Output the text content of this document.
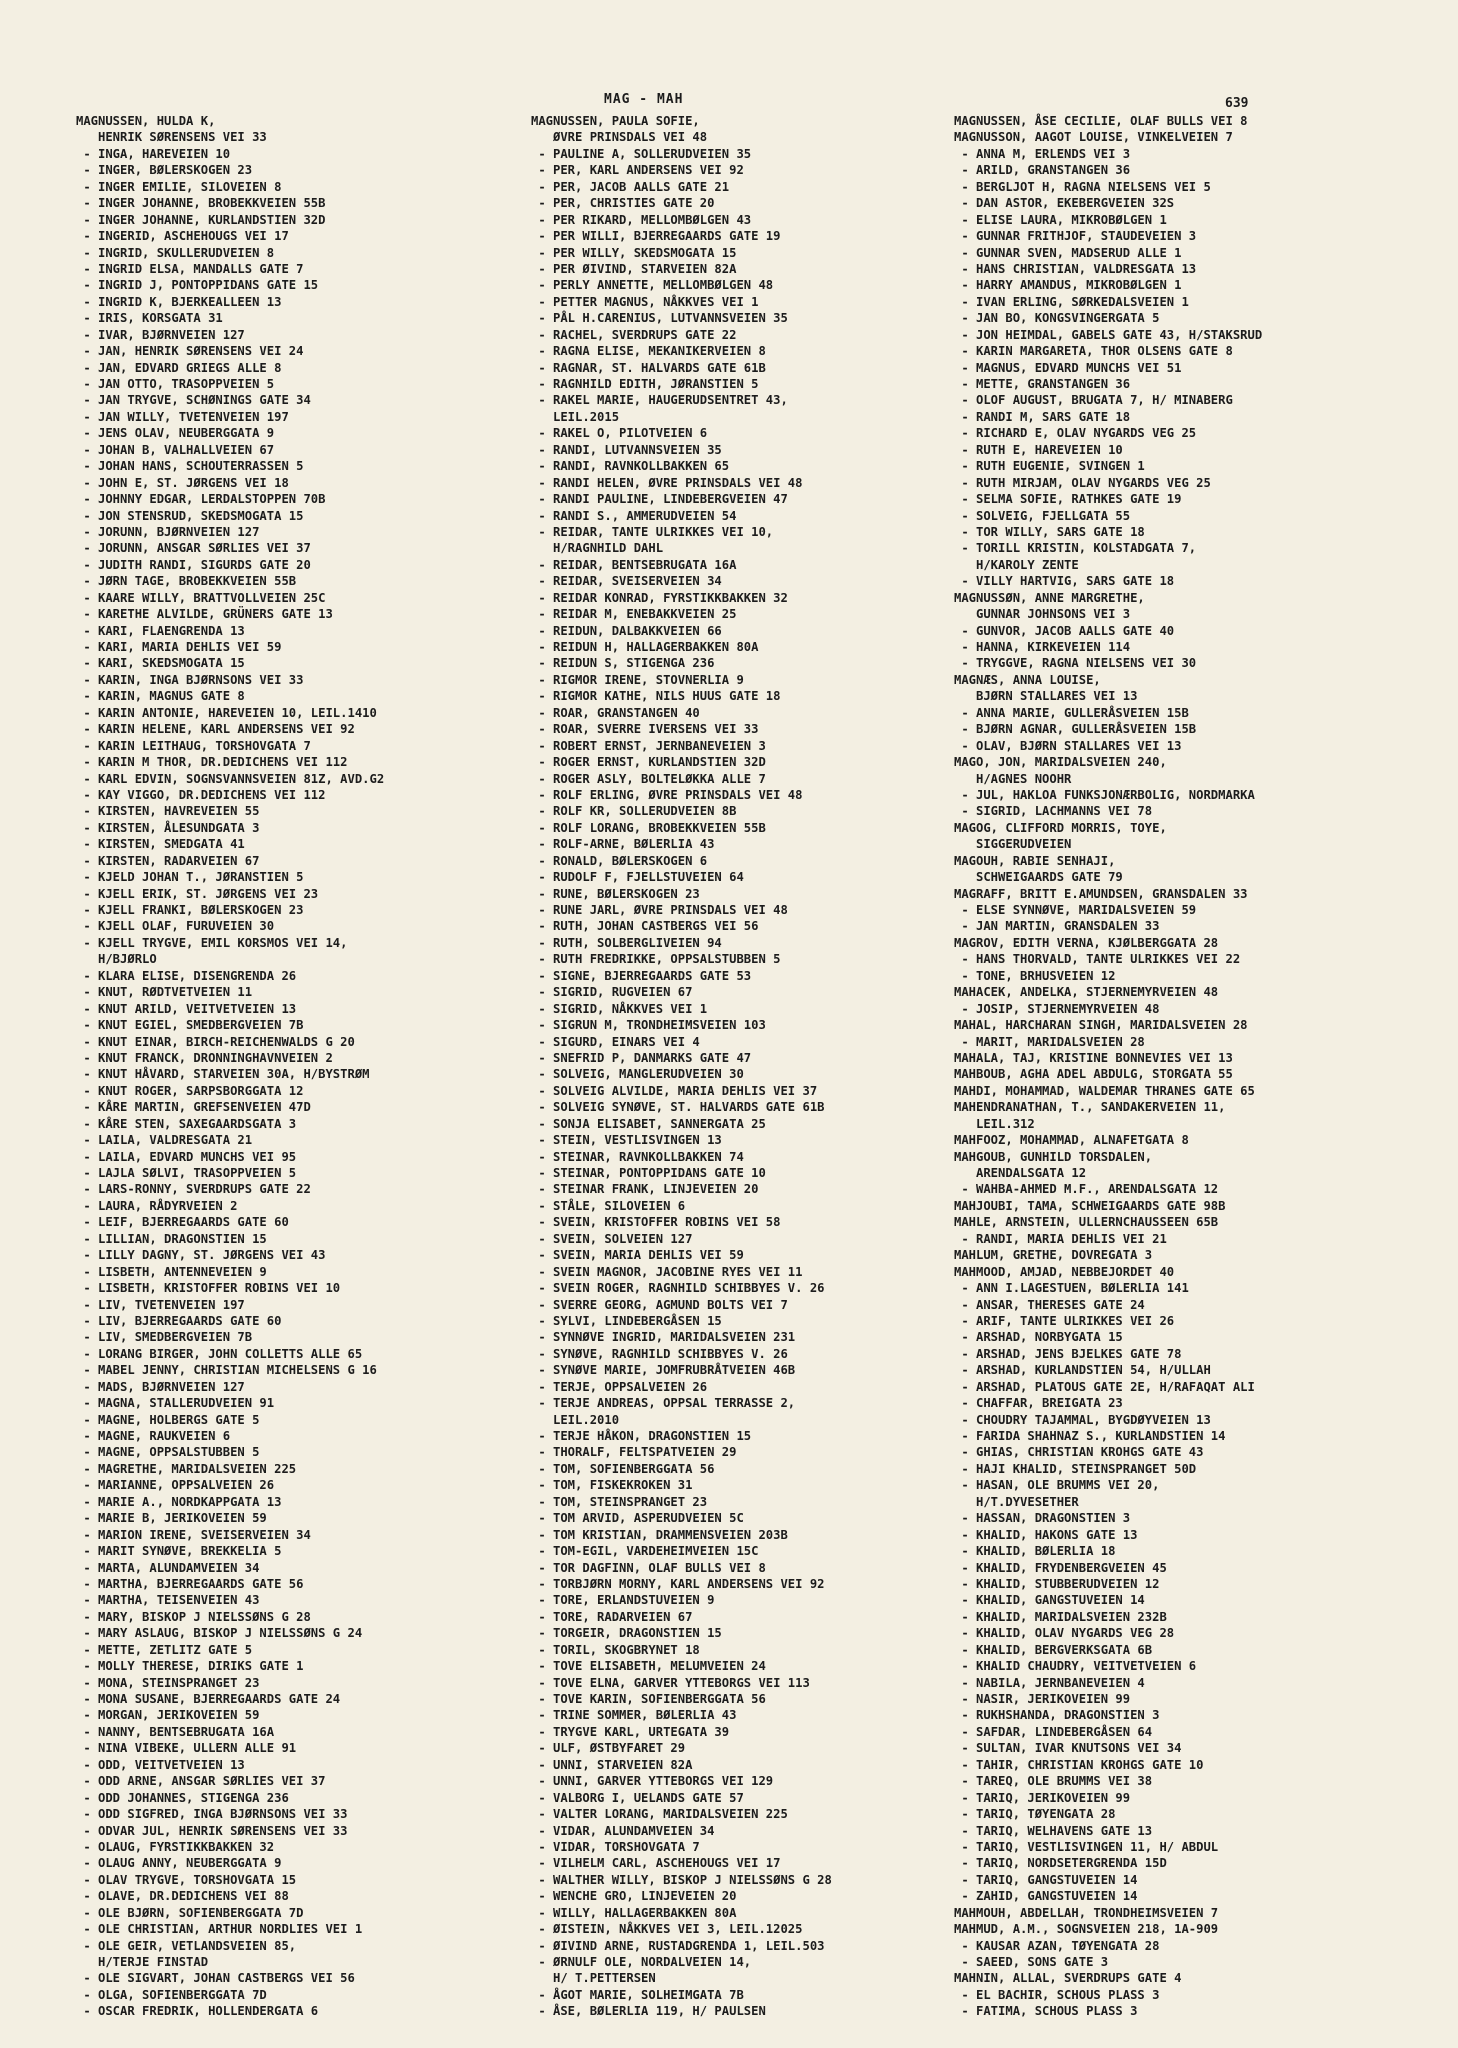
MAG - MAH	639
MAGNUSSEN, HULDA K,
HENRIK SØRENSENS VEI 33
- INGA, HAREVEIEN 10
- INGER, BØLERSKOGEN 23
- INGER EMILIE, SILOVEIEN 8
- INGER JOHANNE, BROBEKKVEIEN 55B
- INGER JOHANNE, KURLANDSTIEN 32D
- INGERID, ASCHEHOUGS VEI 17
- INGRID, SKULLERUDVEIEN 8
- INGRID ELSA, MANDALLS GATE 7
- INGRID J, PONTOPPIDANS GATE 15
- INGRID K, BJERKEALLEEN 13
- IRIS, KORSGATA 31
- IVAR, BJØRNVEIEN 127
- JAN, HENRIK SØRENSENS VEI 24
- JAN, EDVARD GRIEGS ALLE 8
- JAN OTTO, TRASOPPVEIEN 5
- JAN TRYGVE, SCHØNINGS GATE 34
- JAN WILLY, TVETENVEIEN 197
- JENS OLAV, NEUBERGGATA 9
- JOHAN B, VALHALLVEIEN 67
- JOHAN HANS, SCHOUTERRASSEN 5
- JOHN E, ST. JØRGENS VEI 18
- JOHNNY EDGAR, LERDALSTOPPEN 70B
- JON STENSRUD, SKEDSMOGATA 15
- JORUNN, BJØRNVEIEN 127
- JORUNN, ANSGAR SØRLIES VEI 37
- JUDITH RANDI, SIGURDS GATE 20
- JØRN TAGE, BROBEKKVEIEN 55B
- KAARE WILLY, BRATTVOLLVEIEN 25C
- KARETHE ALVILDE, GRÜNERS GATE 13
- KARI, FLAENGRENDA 13
- KARI, MARIA DEHLIS VEI 59
- KARI, SKEDSMOGATA 15
- KARIN, INGA BJØRNSONS VEI 33
- KARIN, MAGNUS GATE 8
- KARIN ANTONIE, HAREVEIEN 10, LEIL.1410
- KARIN HELENE, KARL ANDERSENS VEI 92
- KARIN LEITHAUG, TORSHOVGATA 7
- KARIN M THOR, DR.DEDICHENS VEI 112
- KARL EDVIN, SOGNSVANNSVEIEN 81Z, AVD.G2
- KAY VIGGO, DR.DEDICHENS VEI 112
- KIRSTEN, HAVREVEIEN 55
- KIRSTEN, ÅLESUNDGATA 3
- KIRSTEN, SMEDGATA 41
- KIRSTEN, RADARVEIEN 67
- KJELD JOHAN T., JØRANSTIEN 5
- KJELL ERIK, ST. JØRGENS VEI 23
- KJELL FRANKI, BØLERSKOGEN 23
- KJELL OLAF, FURUVEIEN 30
- KJELL TRYGVE, EMIL KORSMOS VEI 14,
H/BJØRLO
- KLARA ELISE, DISENGRENDA 26
- KNUT, RØDTVETVEIEN 11
- KNUT ARILD, VEITVETVEIEN 13
- KNUT EGIEL, SMEDBERGVEIEN 7B
- KNUT EINAR, BIRCH-REICHENWALDS G 20
- KNUT FRANCK, DRONNINGHAVNVEIEN 2
- KNUT HÅVARD, STARVEIEN 30A, H/BYSTRØM
- KNUT ROGER, SARPSBORGGATA 12
- KÅRE MARTIN, GREFSENVEIEN 47D
- KÅRE STEN, SAXEGAARDSGATA 3
- LAILA, VALDRESGATA 21
- LAILA, EDVARD MUNCHS VEI 95
- LAJLA SØLVI, TRASOPPVEIEN 5
- LARS-RONNY, SVERDRUPS GATE 22
- LAURA, RÅDYRVEIEN 2
- LEIF, BJERREGAARDS GATE 60
- LILLIAN, DRAGONSTIEN 15
- LILLY DAGNY, ST. JØRGENS VEI 43
- LISBETH, ANTENNEVEIEN 9
- LISBETH, KRISTOFFER ROBINS VEI 10
- LIV, TVETENVEIEN 197
- LIV, BJERREGAARDS GATE 60
- LIV, SMEDBERGVEIEN 7B
- LORANG BIRGER, JOHN COLLETTS ALLE 65
- MABEL JENNY, CHRISTIAN MICHELSENS G 16
- MADS, BJØRNVEIEN 127
- MAGNA, STALLERUDVEIEN 91
- MAGNE, HOLBERGS GATE 5
- MAGNE, RAUKVEIEN 6
- MAGNE, OPPSALSTUBBEN 5
- MAGRETHE, MARIDALSVEIEN 225
- MARIANNE, OPPSALVEIEN 26
- MARIE A., NORDKAPPGATA 13
- MARIE B, JERIKOVEIEN 59
- MARION IRENE, SVEISERVEIEN 34
- MARIT SYNØVE, BREKKELIA 5
- MARTA, ALUNDAMVEIEN 34
- MARTHA, BJERREGAARDS GATE 56
- MARTHA, TEISENVEIEN 43
- MARY, BISKOP J NIELSSØNS G 28
- MARY ASLAUG, BISKOP J NIELSSØNS G 24
- METTE, ZETLITZ GATE 5
- MOLLY THERESE, DIRIKS GATE 1
- MONA, STEINSPRANGET 23
- MONA SUSANE, BJERREGAARDS GATE 24
- MORGAN, JERIKOVEIEN 59
- NANNY, BENTSEBRUGATA 16A
- NINA VIBEKE, ULLERN ALLE 91
- ODD, VEITVETVEIEN 13
- ODD ARNE, ANSGAR SØRLIES VEI 37
- ODD JOHANNES, STIGENGA 236
- ODD SIGFRED, INGA BJØRNSONS VEI 33
- ODVAR JUL, HENRIK SØRENSENS VEI 33
- OLAUG, FYRSTIKKBAKKEN 32
- OLAUG ANNY, NEUBERGGATA 9
- OLAV TRYGVE, TORSHOVGATA 15
- OLAVE, DR.DEDICHENS VEI 88
- OLE BJØRN, SOFIENBERGGATA 7D
- OLE CHRISTIAN, ARTHUR NORDLIES VEI 1
- OLE GEIR, VETLANDSVEIEN 85,
H/TERJE FINSTAD
- OLE SIGVART, JOHAN CASTBERGS VEI 56
- OLGA, SOFIENBERGGATA 7D
- OSCAR FREDRIK, HOLLENDERGATA 6
MAGNUSSEN, PAULA SOFIE,
ØVRE PRINSDALS VEI 48
- PAULINE A, SOLLERUDVEIEN 35
- PER, KARL ANDERSENS VEI 92
- PER, JACOB AALLS GATE 21
- PER, CHRISTIES GATE 20
- PER RIKARD, MELLOMBØLGEN 43
- PER WILLI, BJERREGAARDS GATE 19
- PER WILLY, SKEDSMOGATA 15
- PER ØIVIND, STARVEIEN 82A
- PERLY ANNETTE, MELLOMBØLGEN 48
- PETTER MAGNUS, NÅKKVES VEI 1
- PÅL H.CARENIUS, LUTVANNSVEIEN 35
- RACHEL, SVERDRUPS GATE 22
- RAGNA ELISE, MEKANIKERVEIEN 8
- RAGNAR, ST. HALVARDS GATE 61B
- RAGNHILD EDITH, JØRANSTIEN 5
- RAKEL MARIE, HAUGERUDSENTRET 43,
LEIL.2015
- RAKEL O, PILOTVEIEN 6
- RANDI, LUTVANNSVEIEN 35
- RANDI, RAVNKOLLBAKKEN 65
- RANDI HELEN, ØVRE PRINSDALS VEI 48
- RANDI PAULINE, LINDEBERGVEIEN 47
- RANDI S., AMMERUDVEIEN 54
- REIDAR, TANTE ULRIKKES VEI 10,
H/RAGNHILD DAHL
- REIDAR, BENTSEBRUGATA 16A
- REIDAR, SVEISERVEIEN 34
- REIDAR KONRAD, FYRSTIKKBAKKEN 32
- REIDAR M, ENEBAKKVEIEN 25
- REIDUN, DALBAKKVEIEN 66
- REIDUN H, HALLAGERBAKKEN 80A
- REIDUN S, STIGENGA 236
- RIGMOR IRENE, STOVNERLIA 9
- RIGMOR KATHE, NILS HUUS GATE 18
- ROAR, GRANSTANGEN 40
- ROAR, SVERRE IVERSENS VEI 33
- ROBERT ERNST, JERNBANEVEIEN 3
- ROGER ERNST, KURLANDSTIEN 32D
- ROGER ASLY, BOLTELØKKA ALLE 7
- ROLF ERLING, ØVRE PRINSDALS VEI 48
- ROLF KR, SOLLERUDVEIEN 8B
- ROLF LORANG, BROBEKKVEIEN 55B
- ROLF-ARNE, BØLERLIA 43
- RONALD, BØLERSKOGEN 6
- RUDOLF F, FJELLSTUVEIEN 64
- RUNE, BØLERSKOGEN 23
- RUNE JARL, ØVRE PRINSDALS VEI 48
- RUTH, JOHAN CASTBERGS VEI 56
- RUTH, SOLBERGLIVEIEN 94
- RUTH FREDRIKKE, OPPSALSTUBBEN 5
- SIGNE, BJERREGAARDS GATE 53
- SIGRID, RUGVEIEN 67
- SIGRID, NÅKKVES VEI 1
- SIGRUN M, TRONDHEIMSVEIEN 103
- SIGURD, EINARS VEI 4
- SNEFRID P, DANMARKS GATE 47
- SOLVEIG, MANGLERUDVEIEN 30
- SOLVEIG ALVILDE, MARIA DEHLIS VEI 37
- SOLVEIG SYNØVE, ST. HALVARDS GATE 61B
- SONJA ELISABET, SANNERGATA 25
- STEIN, VESTLISVINGEN 13
- STEINAR, RAVNKOLLBAKKEN 74
- STEINAR, PONTOPPIDANS GATE 10
- STEINAR FRANK, LINJEVEIEN 20
- STÅLE, SILOVEIEN 6
- SVEIN, KRISTOFFER ROBINS VEI 58
- SVEIN, SOLVEIEN 127
- SVEIN, MARIA DEHLIS VEI 59
- SVEIN MAGNOR, JACOBINE RYES VEI 11
- SVEIN ROGER, RAGNHILD SCHIBBYES V. 26
- SVERRE GEORG, AGMUND BOLTS VEI 7
- SYLVI, LINDEBERGÅSEN 15
- SYNNØVE INGRID, MARIDALSVEIEN 231
- SYNØVE, RAGNHILD SCHIBBYES V. 26
- SYNØVE MARIE, JOMFRUBRÅTVEIEN 46B
- TERJE, OPPSALVEIEN 26
- TERJE ANDREAS, OPPSAL TERRASSE 2,
LEIL.2010
- TERJE HÅKON, DRAGONSTIEN 15
- THORALF, FELTSPATVEIEN 29
- TOM, SOFIENBERGGATA 56
- TOM, FISKEKROKEN 31
- TOM, STEINSPRANGET 23
- TOM ARVID, ASPERUDVEIEN 5C
- TOM KRISTIAN, DRAMMENSVEIEN 203B
- TOM-EGIL, VARDEHEIMVEIEN 15C
- TOR DAGFINN, OLAF BULLS VEI 8
- TORBJØRN MORNY, KARL ANDERSENS VEI 92
- TORE, ERLANDSTUVEIEN 9
- TORE, RADARVEIEN 67
- TORGEIR, DRAGONSTIEN 15
- TORIL, SKOGBRYNET 18
- TOVE ELISABETH, MELUMVEIEN 24
- TOVE ELNA, GARVER YTTEBORGS VEI 113
- TOVE KARIN, SOFIENBERGGATA 56
- TRINE SOMMER, BØLERLIA 43
- TRYGVE KARL, URTEGATA 39
- ULF, ØSTBYFARET 29
- UNNI, STARVEIEN 82A
- UNNI, GARVER YTTEBORGS VEI 129
- VALBORG I, UELANDS GATE 57
- VALTER LORANG, MARIDALSVEIEN 225
- VIDAR, ALUNDAMVEIEN 34
- VIDAR, TORSHOVGATA 7
- VILHELM CARL, ASCHEHOUGS VEI 17
- WALTHER WILLY, BISKOP J NIELSSØNS G 28
- WENCHE GRO, LINJEVEIEN 20
- WILLY, HALLAGERBAKKEN 80A
- ØISTEIN, NÅKKVES VEI 3, LEIL.12025
- ØIVIND ARNE, RUSTADGRENDA 1, LEIL.503
- ØRNULF OLE, NORDALVEIEN 14,
H/ T.PETTERSEN
- ÅGOT MARIE, SOLHEIMGATA 7B
- ÅSE, BØLERLIA 119, H/ PAULSEN
MAGNUSSEN, ÅSE CECILIE, OLAF BULLS VEI 8
MAGNUSSON, AAGOT LOUISE, VINKELVEIEN 7
- ANNA M, ERLENDS VEI 3
- ARILD, GRANSTANGEN 36
- BERGLJOT H, RAGNA NIELSENS VEI 5
- DAN ASTOR, EKEBERGVEIEN 32S
- ELISE LAURA, MIKROBØLGEN 1
- GUNNAR FRITHJOF, STAUDEVEIEN 3
- GUNNAR SVEN, MADSERUD ALLE 1
- HANS CHRISTIAN, VALDRESGATA 13
- HARRY AMANDUS, MIKROBØLGEN 1
- IVAN ERLING, SØRKEDALSVEIEN 1
- JAN BO, KONGSVINGERGATA 5
- JON HEIMDAL, GABELS GATE 43, H/STAKSRUD
- KARIN MARGARETA, THOR OLSENS GATE 8
- MAGNUS, EDVARD MUNCHS VEI 51
- METTE, GRANSTANGEN 36
- OLOF AUGUST, BRUGATA 7, H/ MINABERG
- RANDI M, SARS GATE 18
- RICHARD E, OLAV NYGARDS VEG 25
- RUTH E, HAREVEIEN 10
- RUTH EUGENIE, SVINGEN 1
- RUTH MIRJAM, OLAV NYGARDS VEG 25
- SELMA SOFIE, RATHKES GATE 19
- SOLVEIG, FJELLGATA 55
- TOR WILLY, SARS GATE 18
- TORILL KRISTIN, KOLSTADGATA 7,
H/KAROLY ZENTE
- VILLY HARTVIG, SARS GATE 18
MAGNUSSØN, ANNE MARGRETHE,
GUNNAR JOHNSONS VEI 3
- GUNVOR, JACOB AALLS GATE 40
- HANNA, KIRKEVEIEN 114
- TRYGGVE, RAGNA NIELSENS VEI 30
MAGNÆS, ANNA LOUISE,
BJØRN STALLARES VEI 13
- ANNA MARIE, GULLERÅSVEIEN 15B
- BJØRN AGNAR, GULLERÅSVEIEN 15B
- OLAV, BJØRN STALLARES VEI 13
MAGO, JON, MARIDALSVEIEN 240,
H/AGNES NOOHR
- JUL, HAKLOA FUNKSJONÆRBOLIG, NORDMARKA
- SIGRID, LACHMANNS VEI 78
MAGOG, CLIFFORD MORRIS, TOYE,
SIGGERUDVEIEN
MAGOUH, RABIE SENHAJI,
SCHWEIGAARDS GATE 79
MAGRAFF, BRITT E.AMUNDSEN, GRANSDALEN 33
- ELSE SYNNØVE, MARIDALSVEIEN 59
- JAN MARTIN, GRANSDALEN 33
MAGROV, EDITH VERNA, KJØLBERGGATA 28
- HANS THORVALD, TANTE ULRIKKES VEI 22
- TONE, BRHUSVEIEN 12
MAHACEK, ANDELKA, STJERNEMYRVEIEN 48
- JOSIP, STJERNEMYRVEIEN 48
MAHAL, HARCHARAN SINGH, MARIDALSVEIEN 28
- MARIT, MARIDALSVEIEN 28
MAHALA, TAJ, KRISTINE BONNEVIES VEI 13
MAHBOUB, AGHA ADEL ABDULG, STORGATA 55
MAHDI, MOHAMMAD, WALDEMAR THRANES GATE 65
MAHENDRANATHAN, T., SANDAKERVEIEN 11,
LEIL.312
MAHFOOZ, MOHAMMAD, ALNAFETGATA 8
MAHGOUB, GUNHILD TORSDALEN,
ARENDALSGATA 12
- WAHBA-AHMED M.F., ARENDALSGATA 12
MAHJOUBI, TAMA, SCHWEIGAARDS GATE 98B
MAHLE, ARNSTEIN, ULLERNCHAUSSEEN 65B
- RANDI, MARIA DEHLIS VEI 21
MAHLUM, GRETHE, DOVREGATA 3
MAHMOOD, AMJAD, NEBBEJORDET 40
- ANN I.LAGESTUEN, BØLERLIA 141
- ANSAR, THERESES GATE 24
- ARIF, TANTE ULRIKKES VEI 26
- ARSHAD, NORBYGATA 15
- ARSHAD, JENS BJELKES GATE 78
- ARSHAD, KURLANDSTIEN 54, H/ULLAH
- ARSHAD, PLATOUS GATE 2E, H/RAFAQAT ALI
- CHAFFAR, BREIGATA 23
- CHOUDRY TAJAMMAL, BYGDØYVEIEN 13
- FARIDA SHAHNAZ S., KURLANDSTIEN 14
- GHIAS, CHRISTIAN KROHGS GATE 43
- HAJI KHALID, STEINSPRANGET 50D
- HASAN, OLE BRUMMS VEI 20,
H/T.DYVESETHER
- HASSAN, DRAGONSTIEN 3
- KHALID, HAKONS GATE 13
- KHALID, BØLERLIA 18
- KHALID, FRYDENBERGVEIEN 45
- KHALID, STUBBERUDVEIEN 12
- KHALID, GANGSTUVEIEN 14
- KHALID, MARIDALSVEIEN 232B
- KHALID, OLAV NYGARDS VEG 28
- KHALID, BERGVERKSGATA 6B
- KHALID CHAUDRY, VEITVETVEIEN 6
- NABILA, JERNBANEVEIEN 4
- NASIR, JERIKOVEIEN 99
- RUKHSHANDA, DRAGONSTIEN 3
- SAFDAR, LINDEBERGÅSEN 64
- SULTAN, IVAR KNUTSONS VEI 34
- TAHIR, CHRISTIAN KROHGS GATE 10
- TAREQ, OLE BRUMMS VEI 38
- TARIQ, JERIKOVEIEN 99
- TARIQ, TØYENGATA 28
- TARIQ, WELHAVENS GATE 13
- TARIQ, VESTLISVINGEN 11, H/ ABDUL
- TARIQ, NORDSETERGRENDA 15D
- TARIQ, GANGSTUVEIEN 14
- ZAHID, GANGSTUVEIEN 14
MAHMOUH, ABDELLAH, TRONDHEIMSVEIEN 7
MAHMUD, A.M., SOGNSVEIEN 218, 1A-909
- KAUSAR AZAN, TØYENGATA 28
- SAEED, SONS GATE 3
MAHNIN, ALLAL, SVERDRUPS GATE 4
- EL BACHIR, SCHOUS PLASS 3
- FATIMA, SCHOUS PLASS 3
